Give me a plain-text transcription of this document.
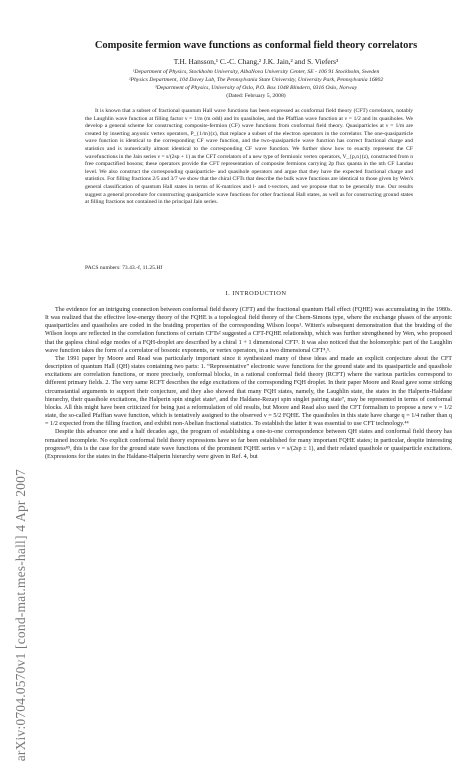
arXiv:0704.0570v1 [cond-mat.mes-hall] 4 Apr 2007
Composite fermion wave functions as conformal field theory correlators
T.H. Hansson,¹ C.-C. Chang,² J.K. Jain,² and S. Viefers³
¹Department of Physics, Stockholm University, AlbaNova University Center, SE - 106 91 Stockholm, Sweden
²Physics Department, 104 Davey Lab, The Pennsylvania State University, University Park, Pennsylvania 16802
³Department of Physics, University of Oslo, P.O. Box 1048 Blindern, 0316 Oslo, Norway
(Dated: February 5, 2008)

It is known that a subset of fractional quantum Hall wave functions has been expressed as conformal field theory (CFT) correlators, notably the Laughlin wave function at filling factor ν = 1/m (m odd) and its quasiholes, and the Pfaffian wave function at ν = 1/2 and its quasiholes. We develop a general scheme for constructing composite-fermion (CF) wave functions from conformal field theory. Quasiparticles at ν = 1/m are created by inserting anyonic vertex operators, P_{1/m}(z), that replace a subset of the electron operators in the correlator. The one-quasiparticle wave function is identical to the corresponding CF wave function, and the two-quasiparticle wave function has correct fractional charge and statistics and is numerically almost identical to the corresponding CF wave function. We further show how to exactly represent the CF wavefunctions in the Jain series ν = s/(2sp + 1) as the CFT correlators of a new type of fermionic vertex operators, V_{p,n}(z), constructed from n free compactified bosons; these operators provide the CFT representation of composite fermions carrying 2p flux quanta in the nth CF Landau level. We also construct the corresponding quasiparticle- and quasihole operators and argue that they have the expected fractional charge and statistics. For filling fractions 2/5 and 3/7 we show that the chiral CFTs that describe the bulk wave functions are identical to those given by Wen's general classification of quantum Hall states in terms of K-matrices and l- and t-vectors, and we propose that to be generally true. Our results suggest a general procedure for constructing quasiparticle wave functions for other fractional Hall states, as well as for constructing ground states at filling fractions not contained in the principal Jain series.

PACS numbers: 73.43.-f, 11.25.Hf
I. INTRODUCTION

The evidence for an intriguing connection between conformal field theory (CFT) and the fractional quantum Hall effect (FQHE) was accumulating in the 1980s. It was realized that the effective low-energy theory of the FQHE is a topological field theory of the Chern-Simons type, where the exchange phases of the anyonic quasiparticles and quasiholes are coded in the braiding properties of the corresponding Wilson loops¹. Witten's subsequent demonstration that the braiding of the Wilson loops are reflected in the correlation functions of certain CFTs² suggested a CFT-FQHE relationship, which was further strengthened by Wen, who proposed that the gapless chiral edge modes of a FQH-droplet are described by a chiral 1 + 1 dimensional CFT³. It was also noticed that the holomorphic part of the Laughlin wave function takes the form of a correlator of bosonic exponents, or vertex operators, in a two dimensional CFT⁴,⁵.

The 1991 paper by Moore and Read was particularly important since it synthesized many of these ideas and made an explicit conjecture about the CFT description of quantum Hall (QH) states containing two parts: 1. “Representative” electronic wave functions for the ground state and its quasiparticle and quasihole excitations are correlation functions, or more precisely, conformal blocks, in a rational conformal field theory (RCFT) where the various particles correspond to different primary fields. 2. The very same RCFT describes the edge excitations of the corresponding FQH droplet. In their paper Moore and Read gave some striking circumstantial arguments to support their conjecture, and they also showed that many FQH states, namely, the Laughlin state, the states in the Halperin-Haldane hierarchy, their quasihole excitations, the Halperin spin singlet state⁶, and the Haldane-Rezayi spin singlet pairing state⁷, may be represented in terms of conformal blocks. All this might have been criticized for being just a reformulation of old results, but Moore and Read also used the CFT formalism to propose a new ν = 1/2 state, the so-called Pfaffian wave function, which is tentatively assigned to the observed ν = 5/2 FQHE. The quasiholes in this state have charge q = 1/4 rather than q = 1/2 expected from the filling fraction, and exhibit non-Abelian fractional statistics. To establish the latter it was essential to use CFT technology.⁴⁴

Despite this advance one and a half decades ago, the program of establishing a one-to-one correspondence between QH states and conformal field theory has remained incomplete. No explicit conformal field theory expressions have so far been established for many important FQHE states; in particular, despite interesting progress⁸⁹, this is the case for the ground state wave functions of the prominent FQHE series ν = s/(2sp ± 1), and their related quasihole or quasiparticle excitations. (Expressions for the states in the Haldane-Halperin hierarchy were given in Ref. 4, but
